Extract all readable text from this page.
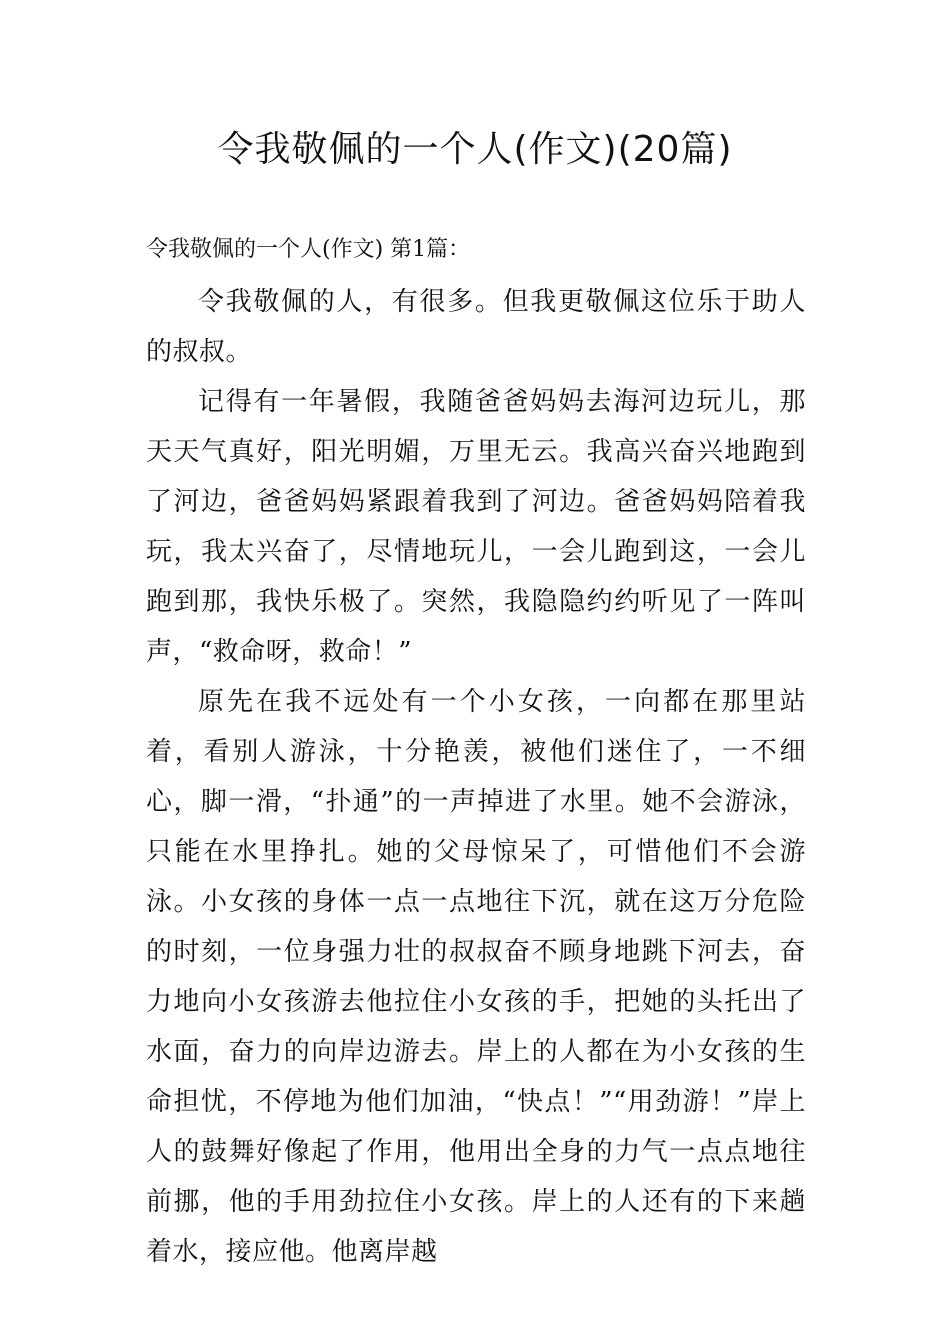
令我敬佩的一个人(作文)(20篇)
令我敬佩的一个人(作文) 第1篇：

令我敬佩的人，有很多。但我更敬佩这位乐于助人的叔叔。

记得有一年暑假，我随爸爸妈妈去海河边玩儿，那天天气真好，阳光明媚，万里无云。我高兴奋兴地跑到了河边，爸爸妈妈紧跟着我到了河边。爸爸妈妈陪着我玩，我太兴奋了，尽情地玩儿，一会儿跑到这，一会儿跑到那，我快乐极了。突然，我隐隐约约听见了一阵叫声，“救命呀，救命！”

原先在我不远处有一个小女孩，一向都在那里站着，看别人游泳，十分艳羡，被他们迷住了，一不细心，脚一滑，“扑通”的一声掉进了水里。她不会游泳，只能在水里挣扎。她的父母惊呆了，可惜他们不会游泳。小女孩的身体一点一点地往下沉，就在这万分危险的时刻，一位身强力壮的叔叔奋不顾身地跳下河去，奋力地向小女孩游去他拉住小女孩的手，把她的头托出了水面，奋力的向岸边游去。岸上的人都在为小女孩的生命担忧，不停地为他们加油，“快点！”“用劲游！”岸上人的鼓舞好像起了作用，他用出全身的力气一点点地往前挪，他的手用劲拉住小女孩。岸上的人还有的下来趟着水，接应他。他离岸越
